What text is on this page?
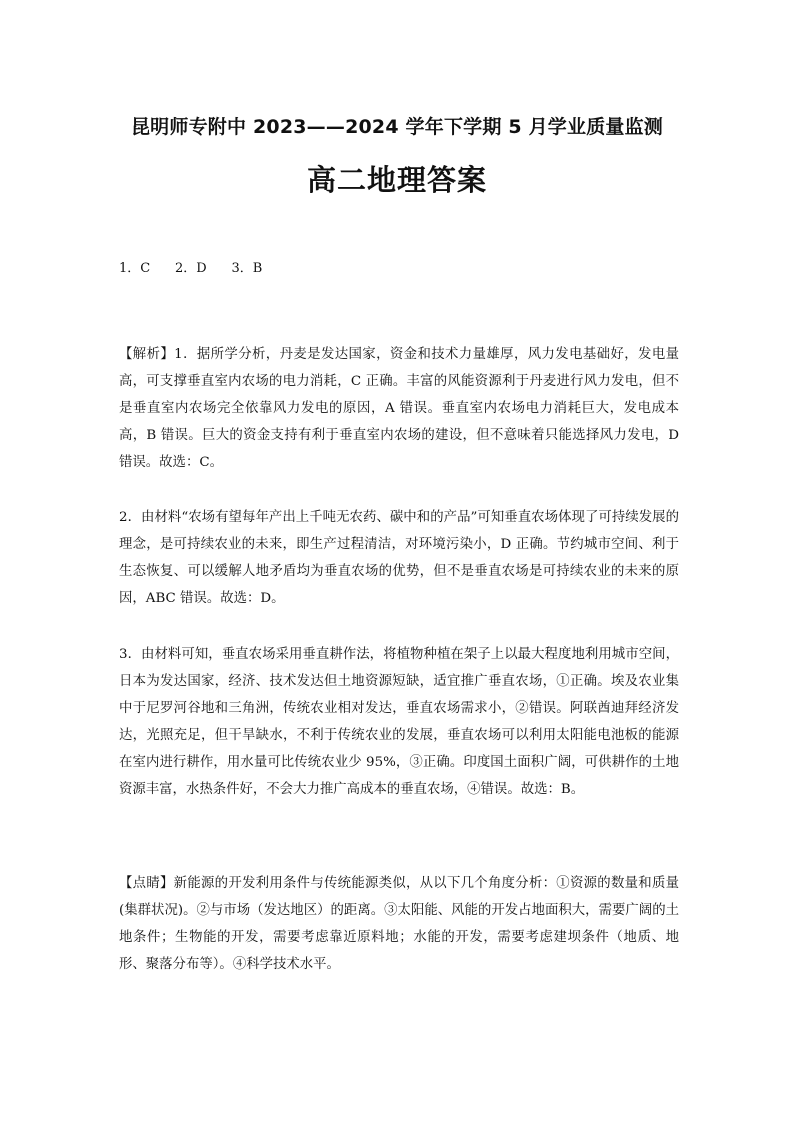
昆明师专附中 2023——2024 学年下学期 5 月学业质量监测
高二地理答案
1．C      2．D      3．B
【解析】1．据所学分析，丹麦是发达国家，资金和技术力量雄厚，风力发电基础好，发电量高，可支撑垂直室内农场的电力消耗，C 正确。丰富的风能资源利于丹麦进行风力发电，但不是垂直室内农场完全依靠风力发电的原因，A 错误。垂直室内农场电力消耗巨大，发电成本高，B 错误。巨大的资金支持有利于垂直室内农场的建设，但不意味着只能选择风力发电，D 错误。故选：C。
2．由材料“农场有望每年产出上千吨无农药、碳中和的产品”可知垂直农场体现了可持续发展的理念，是可持续农业的未来，即生产过程清洁，对环境污染小，D 正确。节约城市空间、利于生态恢复、可以缓解人地矛盾均为垂直农场的优势，但不是垂直农场是可持续农业的未来的原因，ABC 错误。故选：D。
3．由材料可知，垂直农场采用垂直耕作法，将植物种植在架子上以最大程度地利用城市空间，日本为发达国家，经济、技术发达但土地资源短缺，适宜推广垂直农场，①正确。埃及农业集中于尼罗河谷地和三角洲，传统农业相对发达，垂直农场需求小，②错误。阿联酋迪拜经济发达，光照充足，但干旱缺水，不利于传统农业的发展，垂直农场可以利用太阳能电池板的能源在室内进行耕作，用水量可比传统农业少 95%，③正确。印度国土面积广阔，可供耕作的土地资源丰富，水热条件好，不会大力推广高成本的垂直农场，④错误。故选：B。
【点睛】新能源的开发利用条件与传统能源类似，从以下几个角度分析：①资源的数量和质量(集群状况)。②与市场（发达地区）的距离。③太阳能、风能的开发占地面积大，需要广阔的土地条件；生物能的开发，需要考虑靠近原料地；水能的开发，需要考虑建坝条件（地质、地形、聚落分布等）。④科学技术水平。
